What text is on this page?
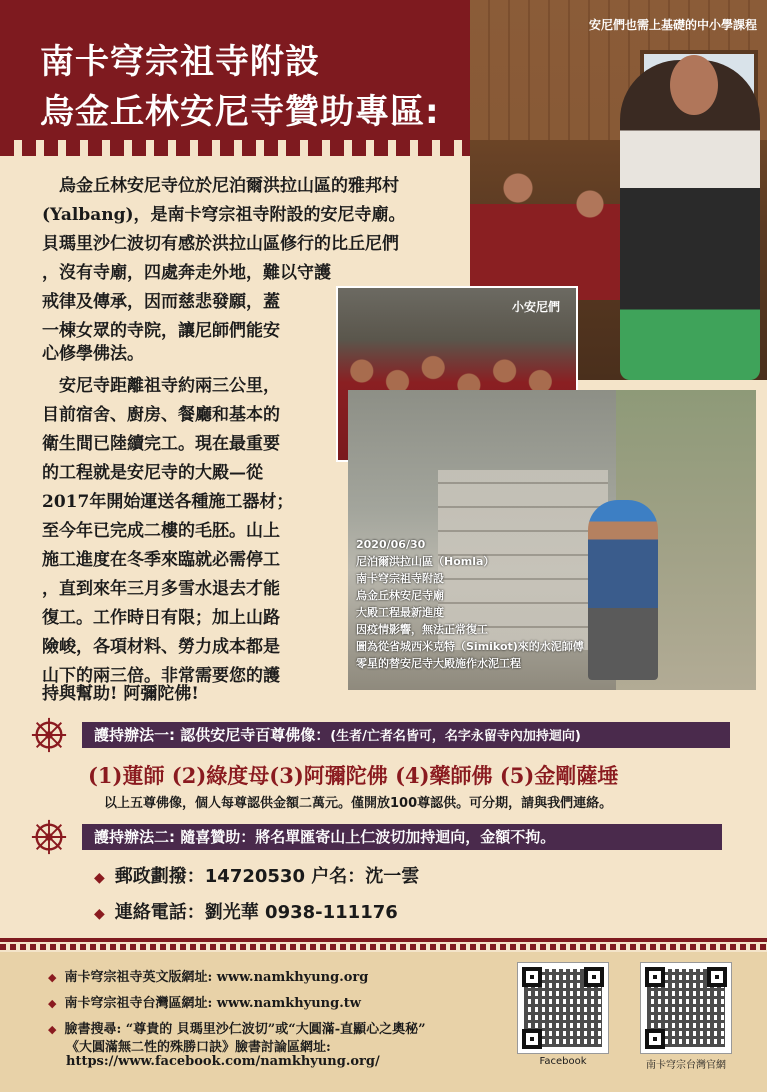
安尼們也需上基礎的中小學課程
南卡穹宗祖寺附設
烏金丘林安尼寺贊助專區:

　烏金丘林安尼寺位於尼泊爾洪拉山區的雅邦村

(Yalbang)，是南卡穹宗祖寺附設的安尼寺廟。

貝瑪里沙仁波切有感於洪拉山區修行的比丘尼們

，沒有寺廟，四處奔走外地，難以守護

戒律及傳承，因而慈悲發願，蓋

一棟女眾的寺院，讓尼師們能安

心修學佛法。

小安尼們
2020/06/30
尼泊爾洪拉山區（Homla）
南卡穹宗祖寺附設
烏金丘林安尼寺廟
大殿工程最新進度
因疫情影響，無法正常復工
圖為從省城西米克特（Simikot)來的水泥師傅
零星的替安尼寺大殿施作水泥工程

　安尼寺距離祖寺約兩三公里，

目前宿舍、廚房、餐廳和基本的

衛生間已陸續完工。現在最重要

的工程就是安尼寺的大殿—從

2017年開始運送各種施工器材；

至今年已完成二樓的毛胚。山上

施工進度在冬季來臨就必需停工

，直到來年三月多雪水退去才能

復工。工作時日有限；加上山路

險峻，各項材料、勞力成本都是

山下的兩三倍。非常需要您的護

持與幫助! 阿彌陀佛!

護持辦法一: 認供安尼寺百尊佛像：(生者/亡者名皆可，名字永留寺內加持迴向)
(1)蓮師 (2)綠度母(3)阿彌陀佛 (4)藥師佛 (5)金剛薩埵
以上五尊佛像，個人每尊認供金額二萬元。僅開放100尊認供。可分期，請與我們連絡。
護持辦法二: 隨喜贊助：將名單匯寄山上仁波切加持迴向，金額不拘。
◆ 郵政劃撥：14720530 户名：沈一雲
◆ 連絡電話：劉光華 0938-111176
◆ 南卡穹宗祖寺英文版網址: www.namkhyung.org
◆ 南卡穹宗祖寺台灣區網址: www.namkhyung.tw
◆ 臉書搜尋: “尊貴的 貝瑪里沙仁波切”或“大圓滿-直顯心之奧秘”
《大圓滿無二性的殊勝口訣》臉書討論區網址:
https://www.facebook.com/namkhyung.org/	Facebook	南卡穹宗台灣官網
